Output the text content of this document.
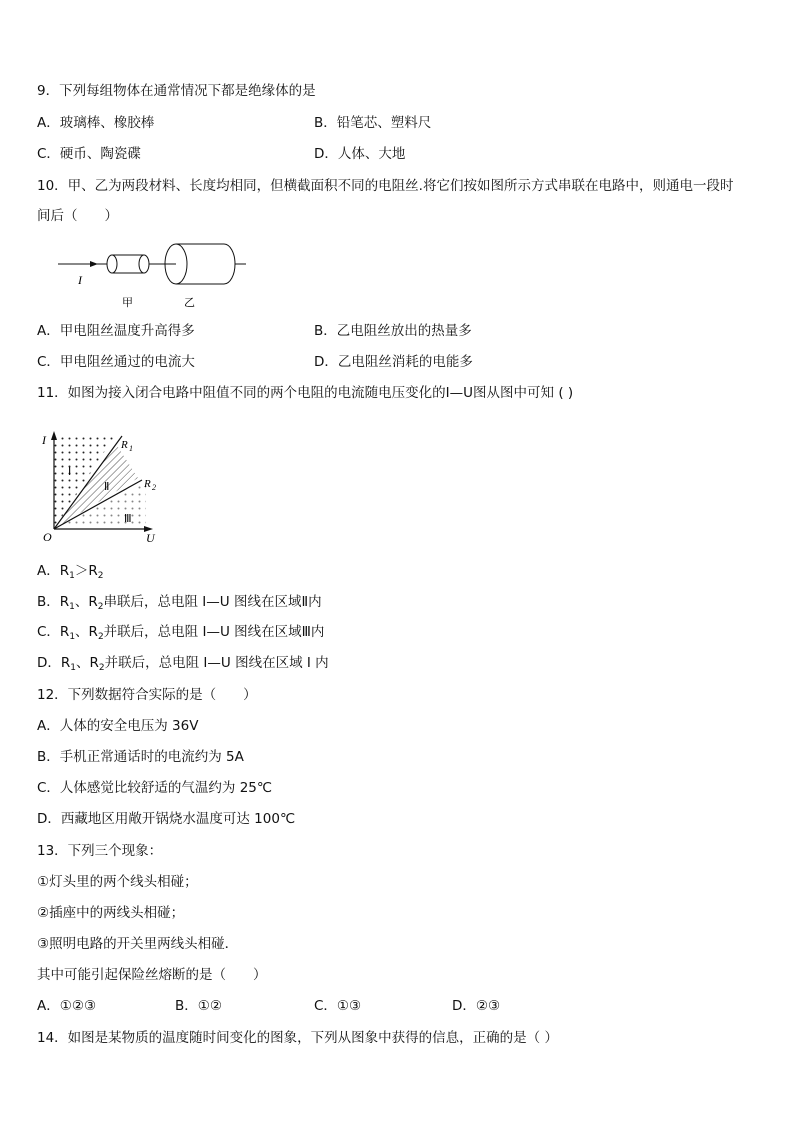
9．下列每组物体在通常情况下都是绝缘体的是
A．玻璃棒、橡胶棒	B．铅笔芯、塑料尺
C．硬币、陶瓷碟	D．人体、大地
10．甲、乙为两段材料、长度均相同，但横截面积不同的电阻丝.将它们按如图所示方式串联在电路中，则通电一段时
间后（　　）
I
甲	乙
A．甲电阻丝温度升高得多	B．乙电阻丝放出的热量多
C．甲电阻丝通过的电流大	D．乙电阻丝消耗的电能多
11．如图为接入闭合电路中阻值不同的两个电阻的电流随电压变化的I—U图从图中可知 ( )
I
U
O
R 1
R 2
Ⅰ
Ⅱ
Ⅲ
A．$R_1>R_2$
B．$R_1$、$R_2$串联后，总电阻 I—U 图线在区域Ⅱ内
C．$R_1$、$R_2$并联后，总电阻 I—U 图线在区域Ⅲ内
D．$R_1$、$R_2$并联后，总电阻 I—U 图线在区域 I 内
12．下列数据符合实际的是（　　）
A．人体的安全电压为 36V
B．手机正常通话时的电流约为 5A
C．人体感觉比较舒适的气温约为 25℃
D．西藏地区用敞开锅烧水温度可达 100℃
13．下列三个现象：
①灯头里的两个线头相碰；
②插座中的两线头相碰；
③照明电路的开关里两线头相碰．
其中可能引起保险丝熔断的是（　　）
A．①②③	B．①②	C．①③	D．②③
14．如图是某物质的温度随时间变化的图象，下列从图象中获得的信息，正确的是（ ）
